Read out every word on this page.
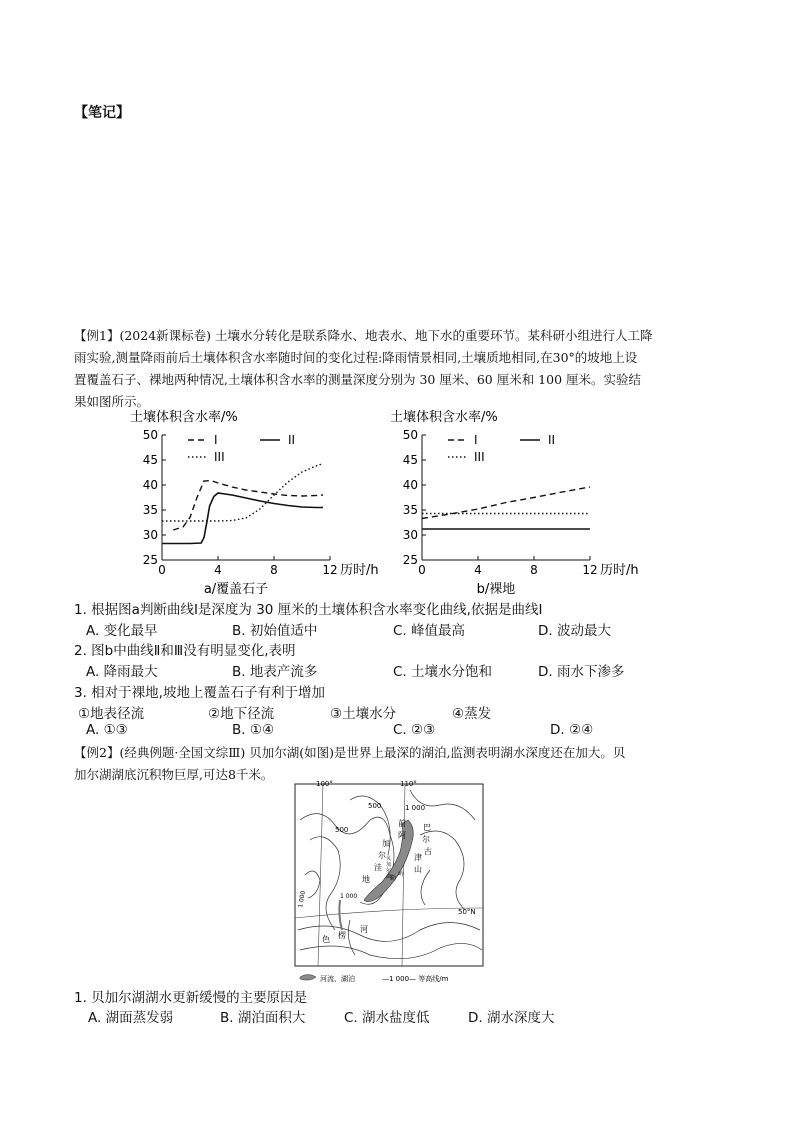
【笔记】
【例1】(2024新课标卷) 土壤水分转化是联系降水、地表水、地下水的重要环节。某科研小组进行人工降
雨实验,测量降雨前后土壤体积含水率随时间的变化过程:降雨情景相同,土壤质地相同,在30°的坡地上设
置覆盖石子、裸地两种情况,土壤体积含水率的测量深度分别为 30 厘米、60 厘米和 100 厘米。实验结
果如图所示。
土壤体积含水率/%
25
30
35
40
45
50
0	4	8	12 历时/h
a/覆盖石子
I	II
III
土壤体积含水率/%
25
30
35
40
45
50
0	4	8	12 历时/h
b/裸地
I	II
III
1. 根据图a判断曲线I是深度为 30 厘米的土壤体积含水率变化曲线,依据是曲线I
A. 变化最早	B. 初始值适中	C. 峰值最高	D. 波动最大
2. 图b中曲线Ⅱ和Ⅲ没有明显变化,表明
A. 降雨最大	B. 地表产流多	C. 土壤水分饱和	D. 雨水下渗多
3. 相对于裸地,坡地上覆盖石子有利于增加
①地表径流	②地下径流	③土壤水分	④蒸发
A. ①③	B. ①④	C. ②③	D. ②④
【例2】(经典例题·全国文综Ⅲ) 贝加尔湖(如图)是世界上最深的湖泊,监测表明湖水深度还在加大。贝
加尔湖湖底沉积物巨厚,可达8千米。
100°	110°
50°N
500
500
1 000
1 000	1 000
前
阿
巴
尔
古
津
山
加
尔
洼
地	勒
岭
色 楞
河
贝
加
尔
湖
河流、湖泊	—1 000— 等高线/m
1. 贝加尔湖湖水更新缓慢的主要原因是
A. 湖面蒸发弱	B. 湖泊面积大	C. 湖水盐度低	D. 湖水深度大
